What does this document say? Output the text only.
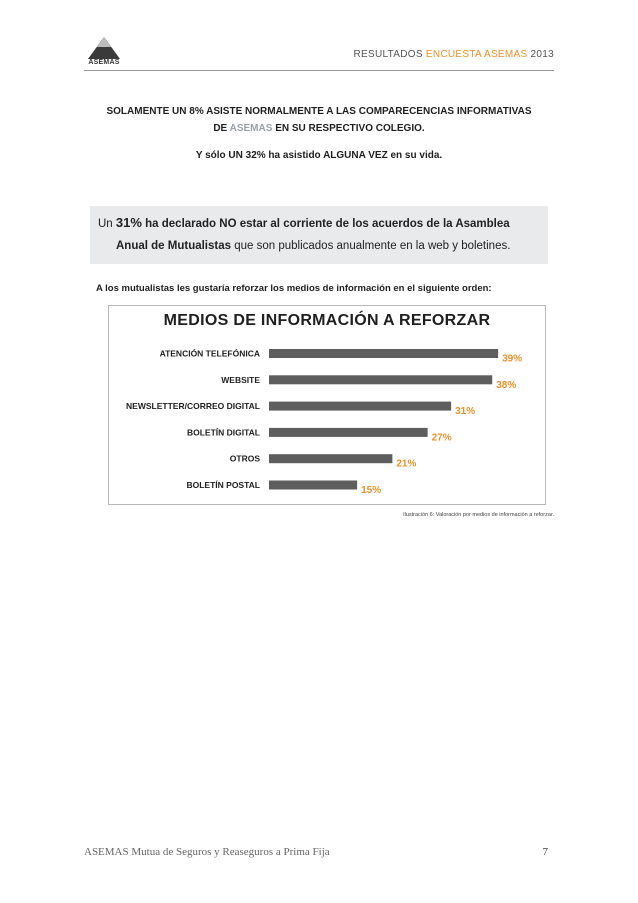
ASEMAS
RESULTADOS ENCUESTA ASEMAS 2013
SOLAMENTE UN 8% ASISTE NORMALMENTE A LAS COMPARECENCIAS INFORMATIVAS
DE ASEMAS EN SU RESPECTIVO COLEGIO.
Y sólo UN 32% ha asistido ALGUNA VEZ en su vida.
Un 31% ha declarado NO estar al corriente de los acuerdos de la Asamblea
Anual de Mutualistas que son publicados anualmente en la web y boletines.
A los mutualistas les gustaría reforzar los medios de información en el siguiente orden:
MEDIOS DE INFORMACIÓN A REFORZAR
ATENCIÓN TELEFÓNICA	39%
WEBSITE	38%
NEWSLETTER/CORREO DIGITAL	31%
BOLETÍN DIGITAL	27%
OTROS	21%
BOLETÍN POSTAL	15%
Ilustración 6: Valoración por medios de información a reforzar.
ASEMAS Mutua de Seguros y Reaseguros a Prima Fija	7
